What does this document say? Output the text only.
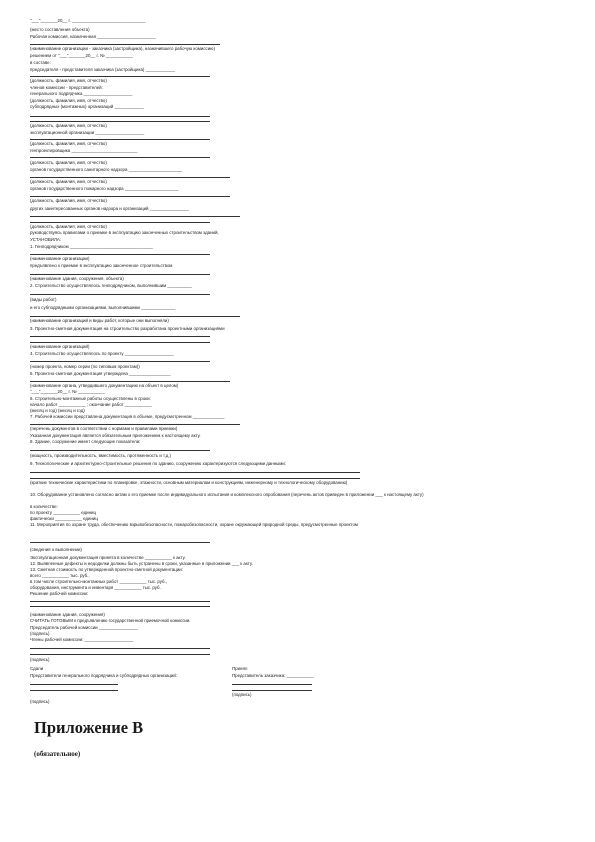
"___"_______20__ г. ______________________________
(место составления объекта)
Рабочая комиссия, назначенная ________________________
(наименование организации - заказчика (застройщика), назначившего рабочую комиссию)
решением от "___"_______20__ г. № ___________
в составе:
председателя - представителя заказчика (застройщика) ____________
(должность, фамилия, имя, отчество)
членов комиссии - представителей:
генерального подрядчика ____________________
(должность, фамилия, имя, отчество)
субподрядных (монтажных) организаций ____________
(должность, фамилия, имя, отчество)
эксплуатационной организации ____________________
(должность, фамилия, имя, отчество)
генпроектировщика ___________________________
(должность, фамилия, имя, отчество)
органов государственного санитарного надзора ______________________
(должность, фамилия, имя, отчество)
органов государственного пожарного надзора ______________________
(должность, фамилия, имя, отчество)
других заинтересованных органов надзора и организаций ________________
(должность, фамилия, имя, отчество)
руководствуясь правилами о приемке в эксплуатацию законченных строительством зданий,
УСТАНОВИЛА:
1. Генподрядчиком __________________________________
(наименование организации)
предъявлено к приемке в эксплуатацию законченное строительством
(наименование здания, сооружения, объекта)
2. Строительство осуществлялось генподрядчиком, выполнившим __________
(виды работ)
и его субподрядными организациями, выполнившими ______________
(наименование организаций и виды работ, которые они выполняли)
3. Проектно-сметная документация на строительство разработана проектными организациями
(наименование организаций)
4. Строительство осуществлялось по проекту ____________________
(номер проекта, номер серии (по типовым проектам))
5. Проектно-сметная документация утверждена _________________
(наименование органа, утвердившего документацию на объект в целом)
"___"_______20__ г. № ___________
6. Строительно-монтажные работы осуществлены в сроки:
начало работ ___________ ; окончание работ ___________
(месяц и год) (месяц и год)
7. Рабочей комиссии представлена документация в объеме, предусмотренном _____________
(перечень документов в соответствии с нормами и правилами приемки)
Указанная документация является обязательным приложением к настоящему акту.
8. Здание, сооружение имеет следующие показатели:
(мощность, производительность, вместимость, протяженность и т.д.)
9. Технологические и архитектурно-строительные решения по зданию, сооружению характеризуются следующими данными:
(краткие технические характеристики по планировке, этажности, основным материалам и конструкциям, инженерному и технологическому оборудованию)
10. Оборудование установлено согласно актам о его приемке после индивидуального испытания и комплексного опробования (перечень актов приведен в приложении ___ к настоящему акту)
в количестве:
по проекту ___________ единиц
фактически ___________ единиц
11. Мероприятия по охране труда, обеспечению взрывобезопасности, пожаробезопасности, охране окружающей природной среды, предусмотренные проектом
(сведения о выполнении)
Эксплуатационная документация принята в количестве ___________ к акту.
12. Выявленные дефекты и недоделки должны быть устранены в сроки, указанные в приложении ___ к акту.
13. Сметная стоимость по утвержденной проектно-сметной документации:
всего ___________ тыс. руб.,
в том числе строительно-монтажных работ ___________ тыс. руб.,
оборудования, инструмента и инвентаря ___________ тыс. руб.
Решение рабочей комиссии:
(наименование здания, сооружения)
СЧИТАТЬ ГОТОВЫМ к предъявлению государственной приемочной комиссии.
Председатель рабочей комиссии ________________
(подпись)
Члены рабочей комиссии: ____________________
(подпись)
Сдали	Принял
Представители генерального подрядчика и субподрядных организаций:	Представитель заказчика: ___________
(подпись)
(подпись)
Приложение В
(обязательное)
